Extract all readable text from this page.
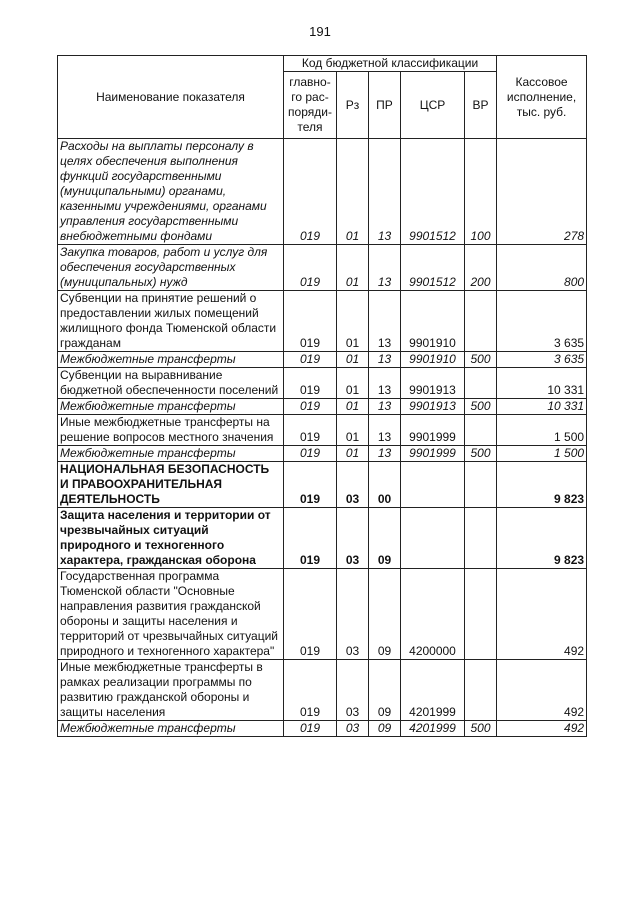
191
Наименование показателя	Код бюджетной классификации					Кассовое исполнение, тыс. руб.
	главно-го рас-поряди-теля	Рз	ПР	ЦСР	ВР	
Расходы на выплаты персоналу в целях обеспечения выполнения функций государственными (муниципальными) органами, казенными учреждениями, органами управления государственными внебюджетными фондами	019	01	13	9901512	100	278
Закупка товаров, работ и услуг для обеспечения государственных (муниципальных) нужд	019	01	13	9901512	200	800
Субвенции на принятие решений о предоставлении жилых помещений жилищного фонда Тюменской области гражданам	019	01	13	9901910		3 635
Межбюджетные трансферты	019	01	13	9901910	500	3 635
Субвенции на выравнивание бюджетной обеспеченности поселений	019	01	13	9901913		10 331
Межбюджетные трансферты	019	01	13	9901913	500	10 331
Иные межбюджетные трансферты на решение вопросов местного значения	019	01	13	9901999		1 500
Межбюджетные трансферты	019	01	13	9901999	500	1 500
НАЦИОНАЛЬНАЯ БЕЗОПАСНОСТЬ И ПРАВООХРАНИТЕЛЬНАЯ ДЕЯТЕЛЬНОСТЬ	019	03	00			9 823
Защита населения и территории от чрезвычайных ситуаций природного и техногенного характера, гражданская оборона	019	03	09			9 823
Государственная программа Тюменской области "Основные направления развития гражданской обороны и защиты населения и территорий от чрезвычайных ситуаций природного и техногенного характера"	019	03	09	4200000		492
Иные межбюджетные трансферты в рамках реализации программы по развитию гражданской обороны и защиты населения	019	03	09	4201999		492
Межбюджетные трансферты	019	03	09	4201999	500	492
